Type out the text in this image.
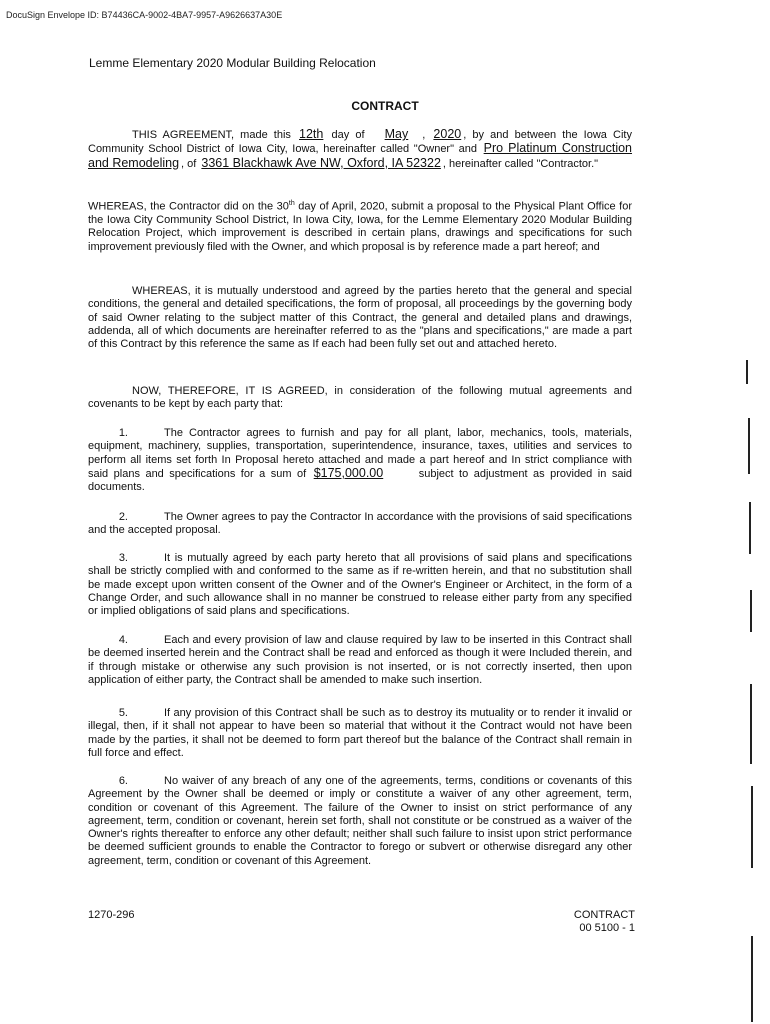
DocuSign Envelope ID: B74436CA-9002-4BA7-9957-A9626637A30E
Lemme Elementary 2020 Modular Building Relocation
CONTRACT
THIS AGREEMENT, made this 12th day of May , 2020 , by and between the Iowa City Community School District of Iowa City, Iowa, hereinafter called "Owner" and Pro Platinum Construction and Remodeling , of 3361 Blackhawk Ave NW, Oxford, IA 52322 , hereinafter called "Contractor."
WHEREAS, the Contractor did on the 30th day of April, 2020, submit a proposal to the Physical Plant Office for the Iowa City Community School District, In Iowa City, Iowa, for the Lemme Elementary 2020 Modular Building Relocation Project, which improvement is described in certain plans, drawings and specifications for such improvement previously filed with the Owner, and which proposal is by reference made a part hereof; and
WHEREAS, it is mutually understood and agreed by the parties hereto that the general and special conditions, the general and detailed specifications, the form of proposal, all proceedings by the governing body of said Owner relating to the subject matter of this Contract, the general and detailed plans and drawings, addenda, all of which documents are hereinafter referred to as the "plans and specifications," are made a part of this Contract by this reference the same as If each had been fully set out and attached hereto.
NOW, THEREFORE, IT IS AGREED, in consideration of the following mutual agreements and covenants to be kept by each party that:
1.	The Contractor agrees to furnish and pay for all plant, labor, mechanics, tools, materials, equipment, machinery, supplies, transportation, superintendence, insurance, taxes, utilities and services to perform all items set forth In Proposal hereto attached and made a part hereof and In strict compliance with said plans and specifications for a sum of $175,000.00	subject to adjustment as provided in said documents.
2.	The Owner agrees to pay the Contractor In accordance with the provisions of said specifications and the accepted proposal.
3.	It is mutually agreed by each party hereto that all provisions of said plans and specifications shall be strictly complied with and conformed to the same as if re-written herein, and that no substitution shall be made except upon written consent of the Owner and of the Owner's Engineer or Architect, in the form of a Change Order, and such allowance shall in no manner be construed to release either party from any specified or implied obligations of said plans and specifications.
4.	Each and every provision of law and clause required by law to be inserted in this Contract shall be deemed inserted herein and the Contract shall be read and enforced as though it were Included therein, and if through mistake or otherwise any such provision is not inserted, or is not correctly inserted, then upon application of either party, the Contract shall be amended to make such insertion.
5.	If any provision of this Contract shall be such as to destroy its mutuality or to render it invalid or illegal, then, if it shall not appear to have been so material that without it the Contract would not have been made by the parties, it shall not be deemed to form part thereof but the balance of the Contract shall remain in full force and effect.
6.	No waiver of any breach of any one of the agreements, terms, conditions or covenants of this Agreement by the Owner shall be deemed or imply or constitute a waiver of any other agreement, term, condition or covenant of this Agreement. The failure of the Owner to insist on strict performance of any agreement, term, condition or covenant, herein set forth, shall not constitute or be construed as a waiver of the Owner's rights thereafter to enforce any other default; neither shall such failure to insist upon strict performance be deemed sufficient grounds to enable the Contractor to forego or subvert or otherwise disregard any other agreement, term, condition or covenant of this Agreement.
1270-296	CONTRACT
00 5100 - 1
